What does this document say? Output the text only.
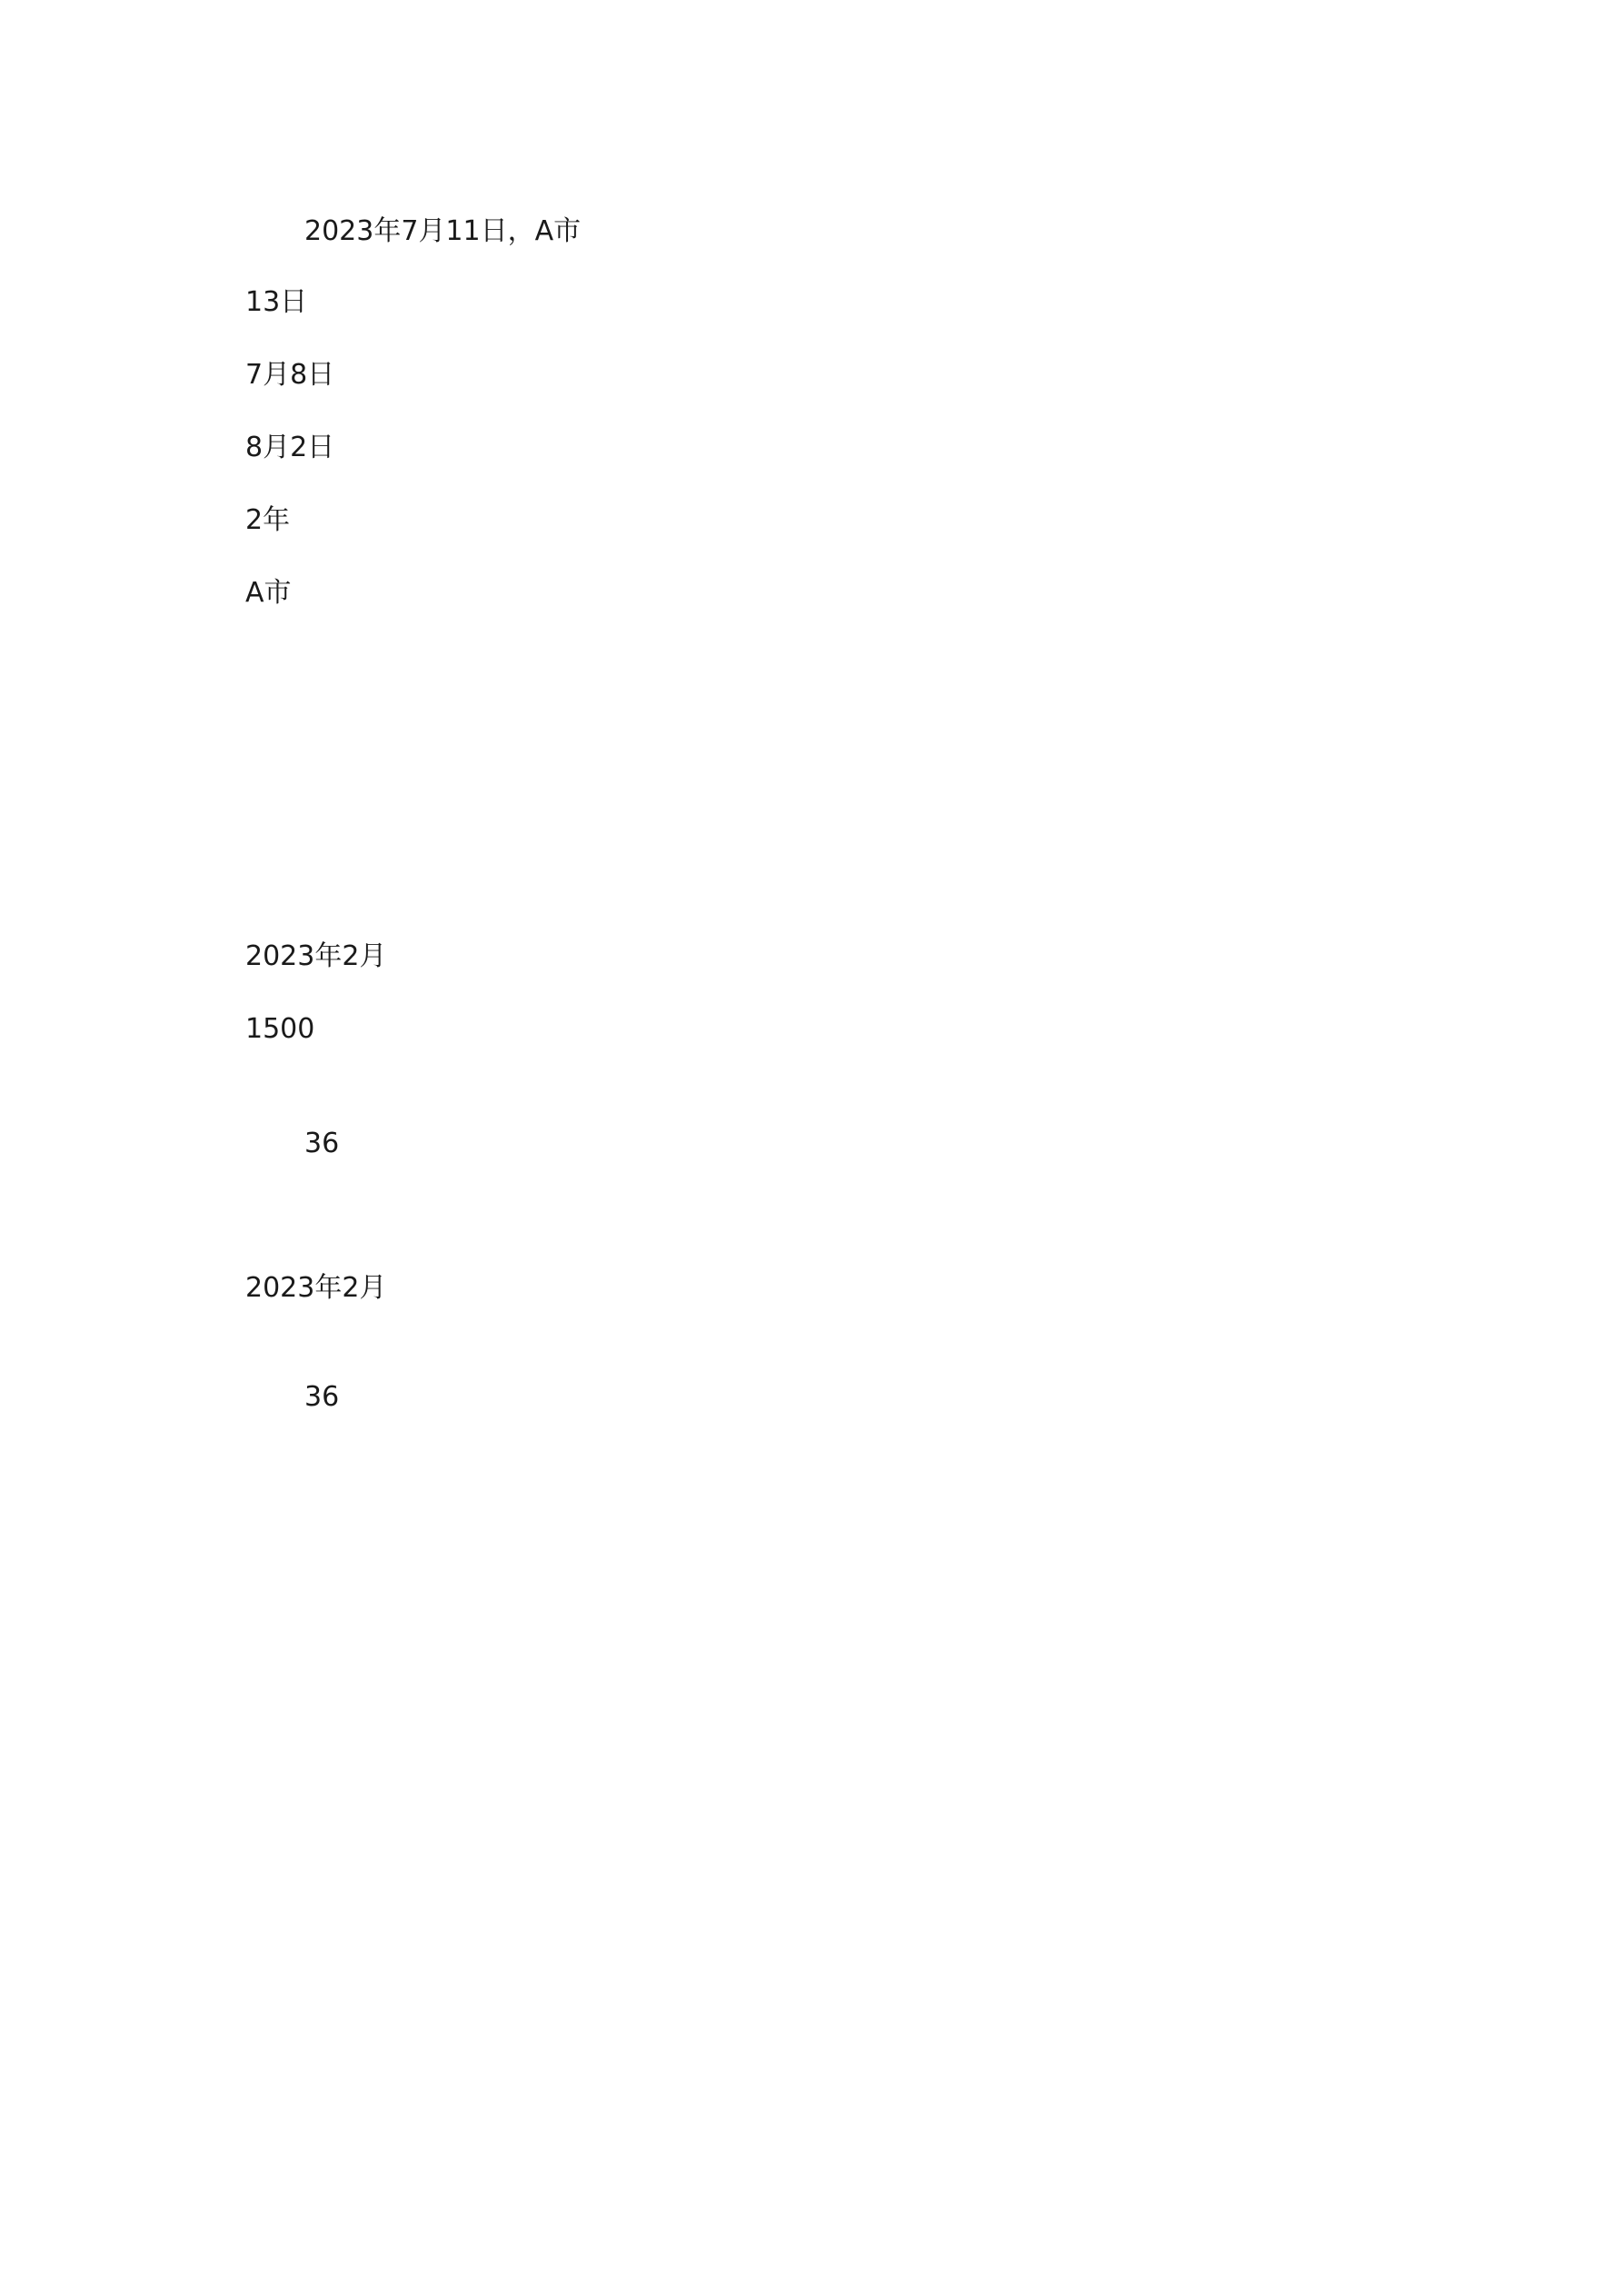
2023年7月11日，A市
13日
7月8日
8月2日
2年
A市
2023年2月
1500
36
2023年2月
36
